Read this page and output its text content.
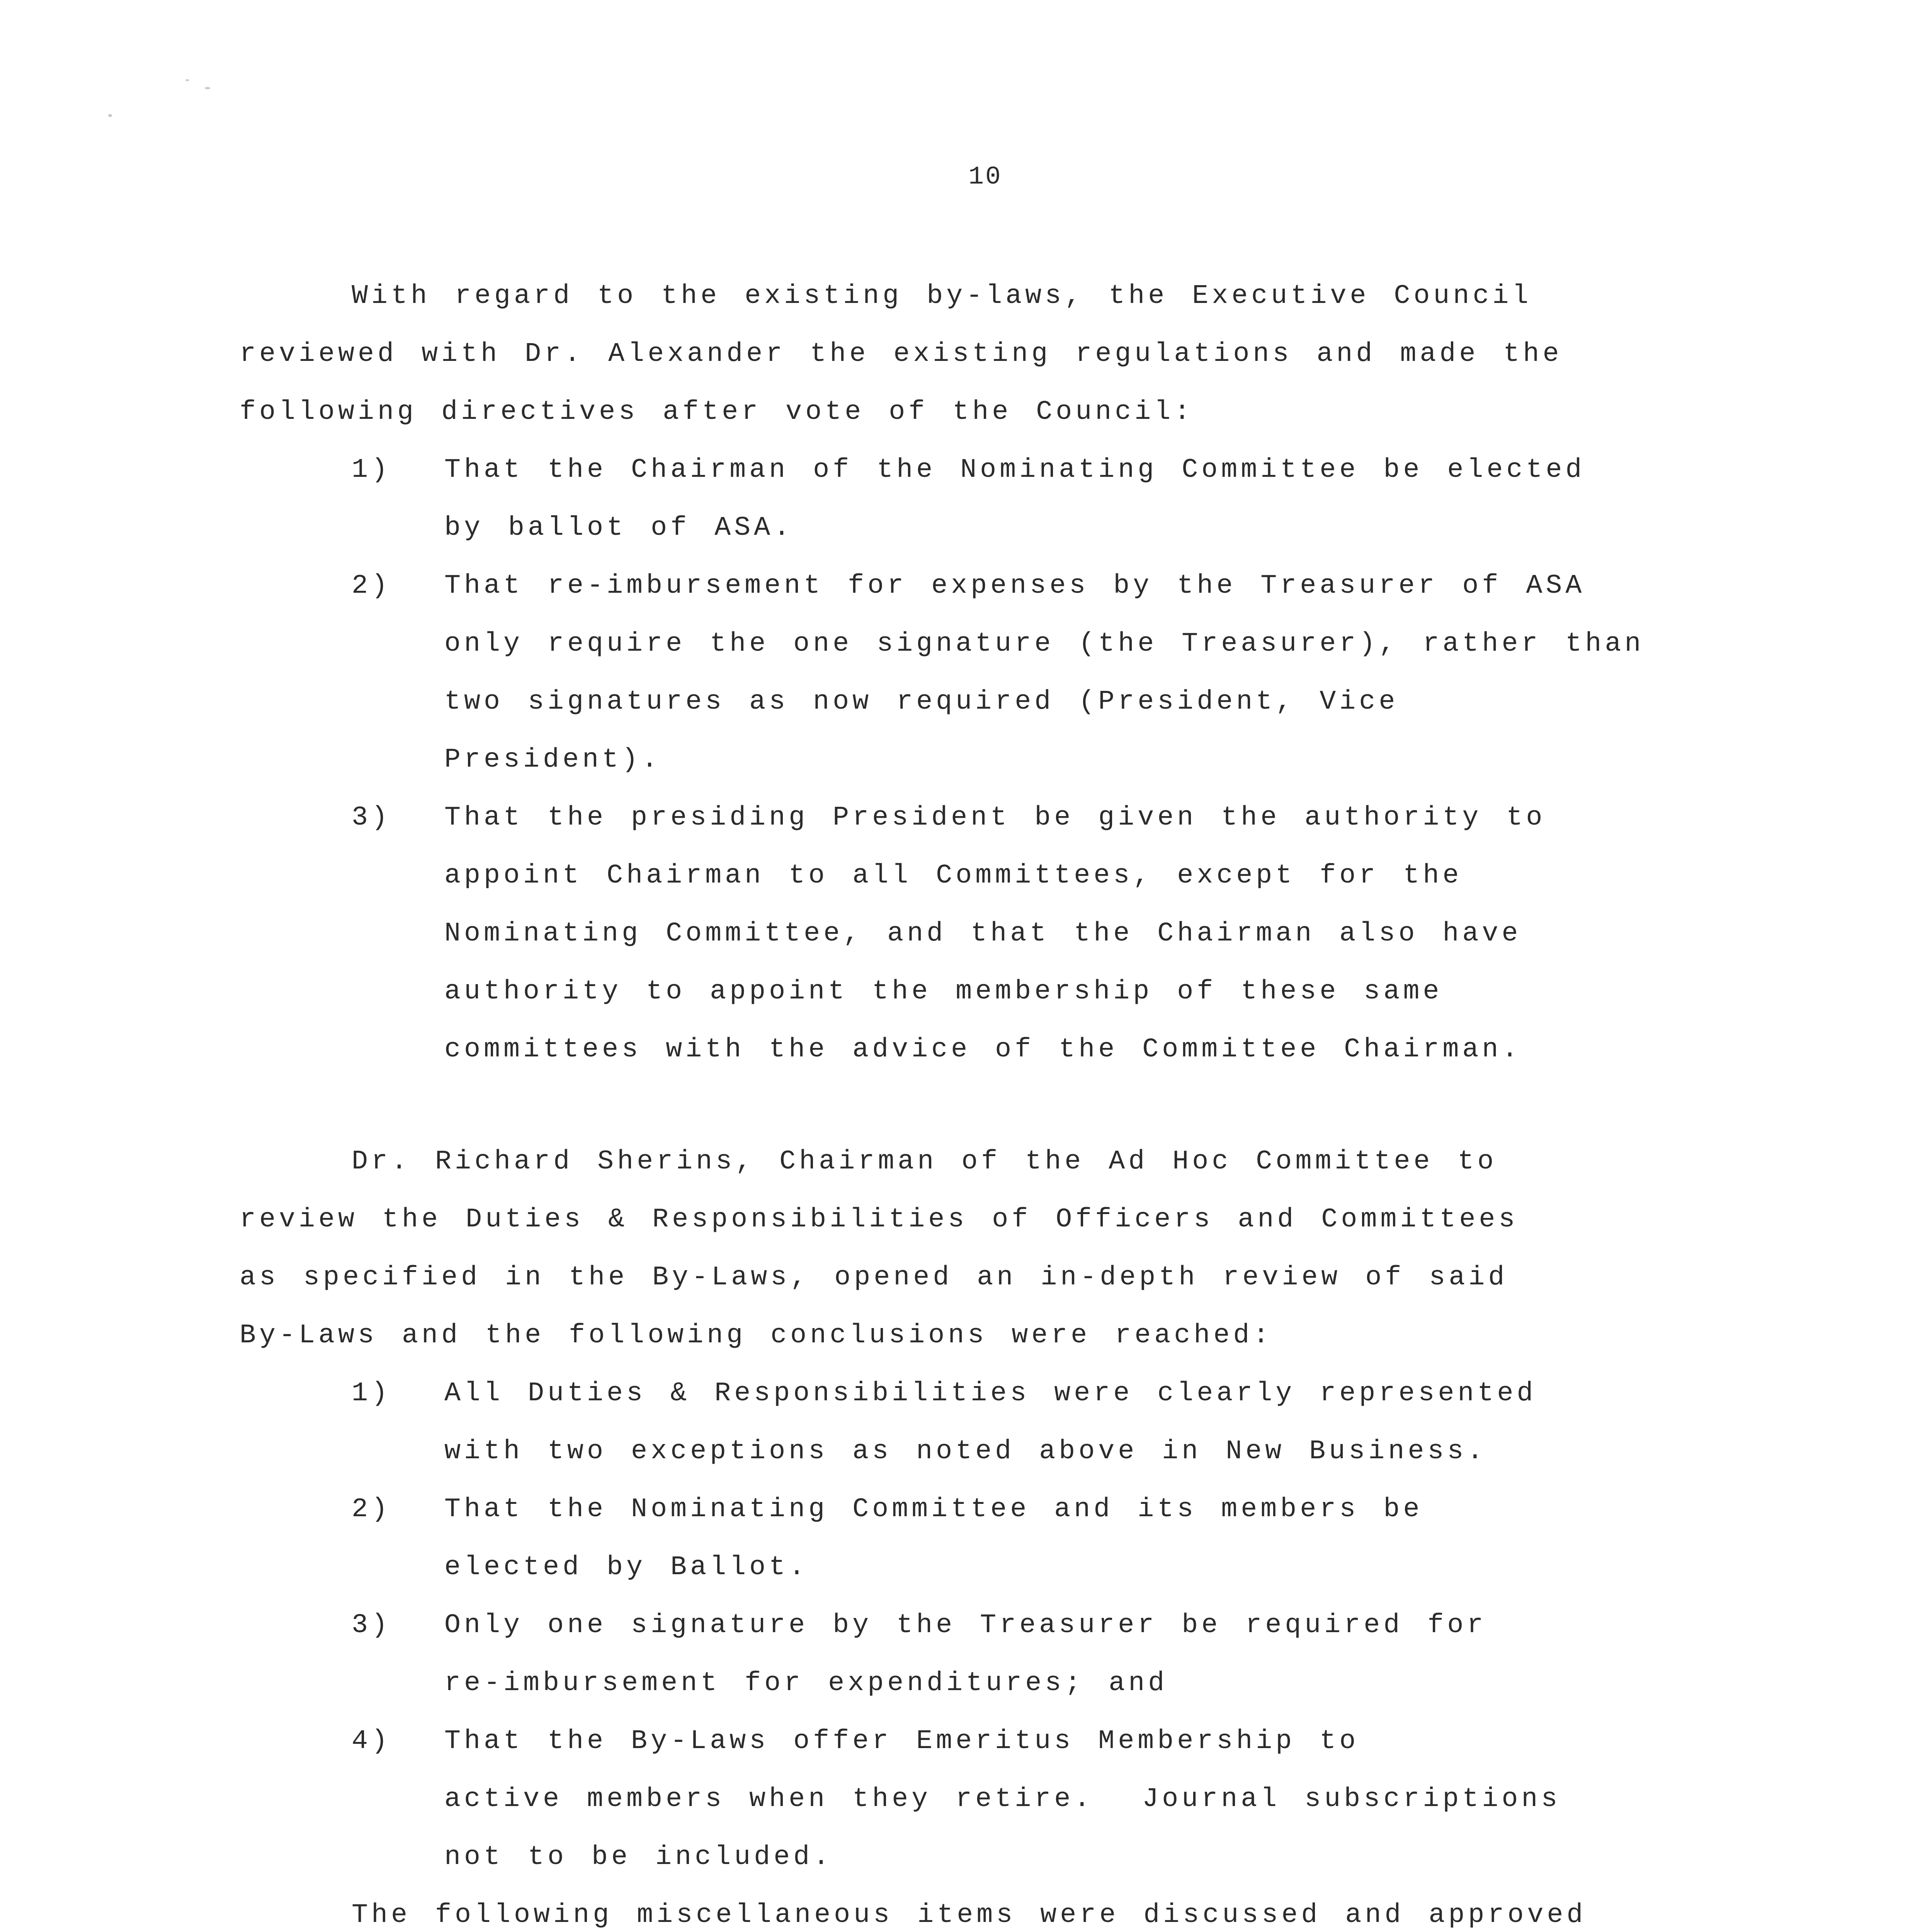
10
With regard to the existing by-laws, the Executive Council
reviewed with Dr. Alexander the existing regulations and made the
following directives after vote of the Council:
1) That the Chairman of the Nominating Committee be elected
by ballot of ASA.
2) That re-imbursement for expenses by the Treasurer of ASA
only require the one signature (the Treasurer), rather than
two signatures as now required (President, Vice
President).
3) That the presiding President be given the authority to
appoint Chairman to all Committees, except for the
Nominating Committee, and that the Chairman also have
authority to appoint the membership of these same
committees with the advice of the Committee Chairman.
Dr. Richard Sherins, Chairman of the Ad Hoc Committee to
review the Duties & Responsibilities of Officers and Committees
as specified in the By-Laws, opened an in-depth review of said
By-Laws and the following conclusions were reached:
1) All Duties & Responsibilities were clearly represented
with two exceptions as noted above in New Business.
2) That the Nominating Committee and its members be
elected by Ballot.
3) Only one signature by the Treasurer be required for
re-imbursement for expenditures; and
4) That the By-Laws offer Emeritus Membership to
active members when they retire.  Journal subscriptions
not to be included.
The following miscellaneous items were discussed and approved
